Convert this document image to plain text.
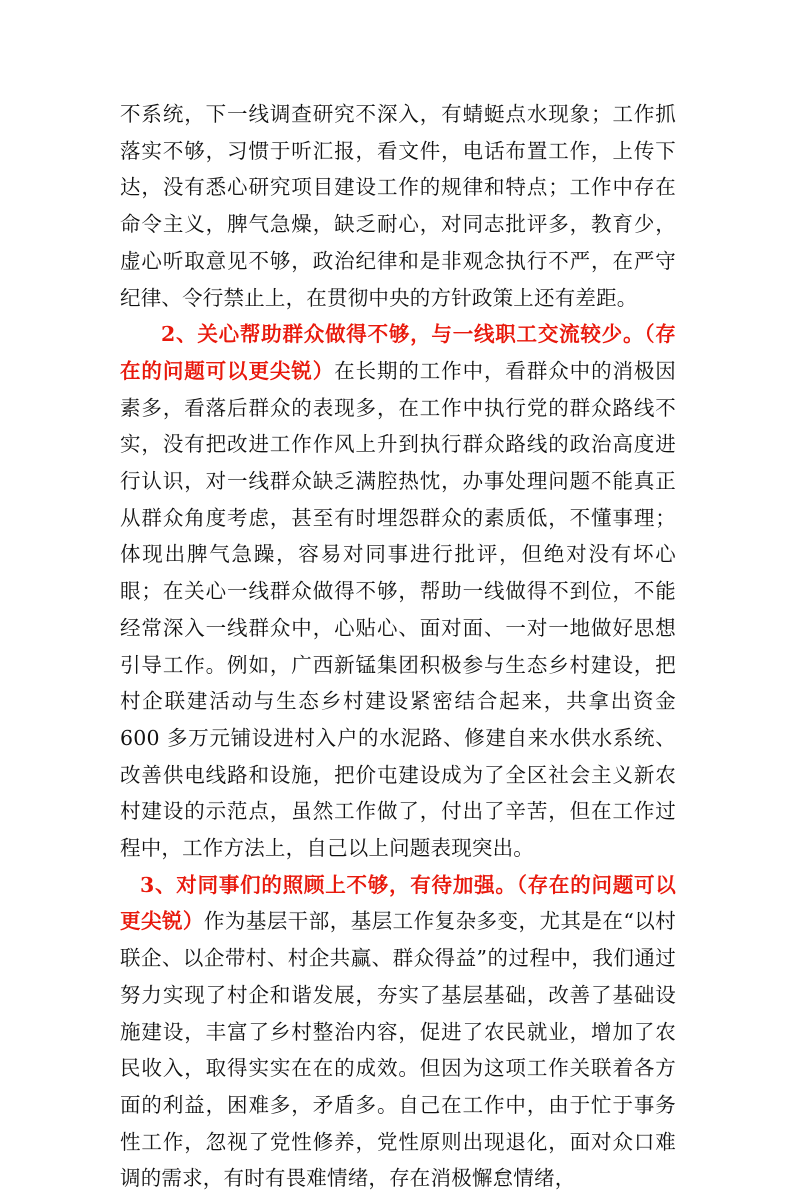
不系统，下一线调查研究不深入，有蜻蜓点水现象；工作抓落实不够，习惯于听汇报，看文件，电话布置工作，上传下达，没有悉心研究项目建设工作的规律和特点；工作中存在命令主义，脾气急燥，缺乏耐心，对同志批评多，教育少，虚心听取意见不够，政治纪律和是非观念执行不严，在严守纪律、令行禁止上，在贯彻中央的方针政策上还有差距。

2、关心帮助群众做得不够，与一线职工交流较少。（存在的问题可以更尖锐）在长期的工作中，看群众中的消极因素多，看落后群众的表现多，在工作中执行党的群众路线不实，没有把改进工作作风上升到执行群众路线的政治高度进行认识，对一线群众缺乏满腔热忱，办事处理问题不能真正从群众角度考虑，甚至有时埋怨群众的素质低，不懂事理；体现出脾气急躁，容易对同事进行批评，但绝对没有坏心眼；在关心一线群众做得不够，帮助一线做得不到位，不能经常深入一线群众中，心贴心、面对面、一对一地做好思想引导工作。例如，广西新锰集团积极参与生态乡村建设，把村企联建活动与生态乡村建设紧密结合起来，共拿出资金 600 多万元铺设进村入户的水泥路、修建自来水供水系统、改善供电线路和设施，把价屯建设成为了全区社会主义新农村建设的示范点，虽然工作做了，付出了辛苦，但在工作过程中，工作方法上，自己以上问题表现突出。

3、对同事们的照顾上不够，有待加强。（存在的问题可以更尖锐）作为基层干部，基层工作复杂多变，尤其是在“以村联企、以企带村、村企共赢、群众得益”的过程中，我们通过努力实现了村企和谐发展，夯实了基层基础，改善了基础设施建设，丰富了乡村整治内容，促进了农民就业，增加了农民收入，取得实实在在的成效。但因为这项工作关联着各方面的利益，困难多，矛盾多。自己在工作中，由于忙于事务性工作，忽视了党性修养，党性原则出现退化，面对众口难调的需求，有时有畏难情绪，存在消极懈怠情绪，
